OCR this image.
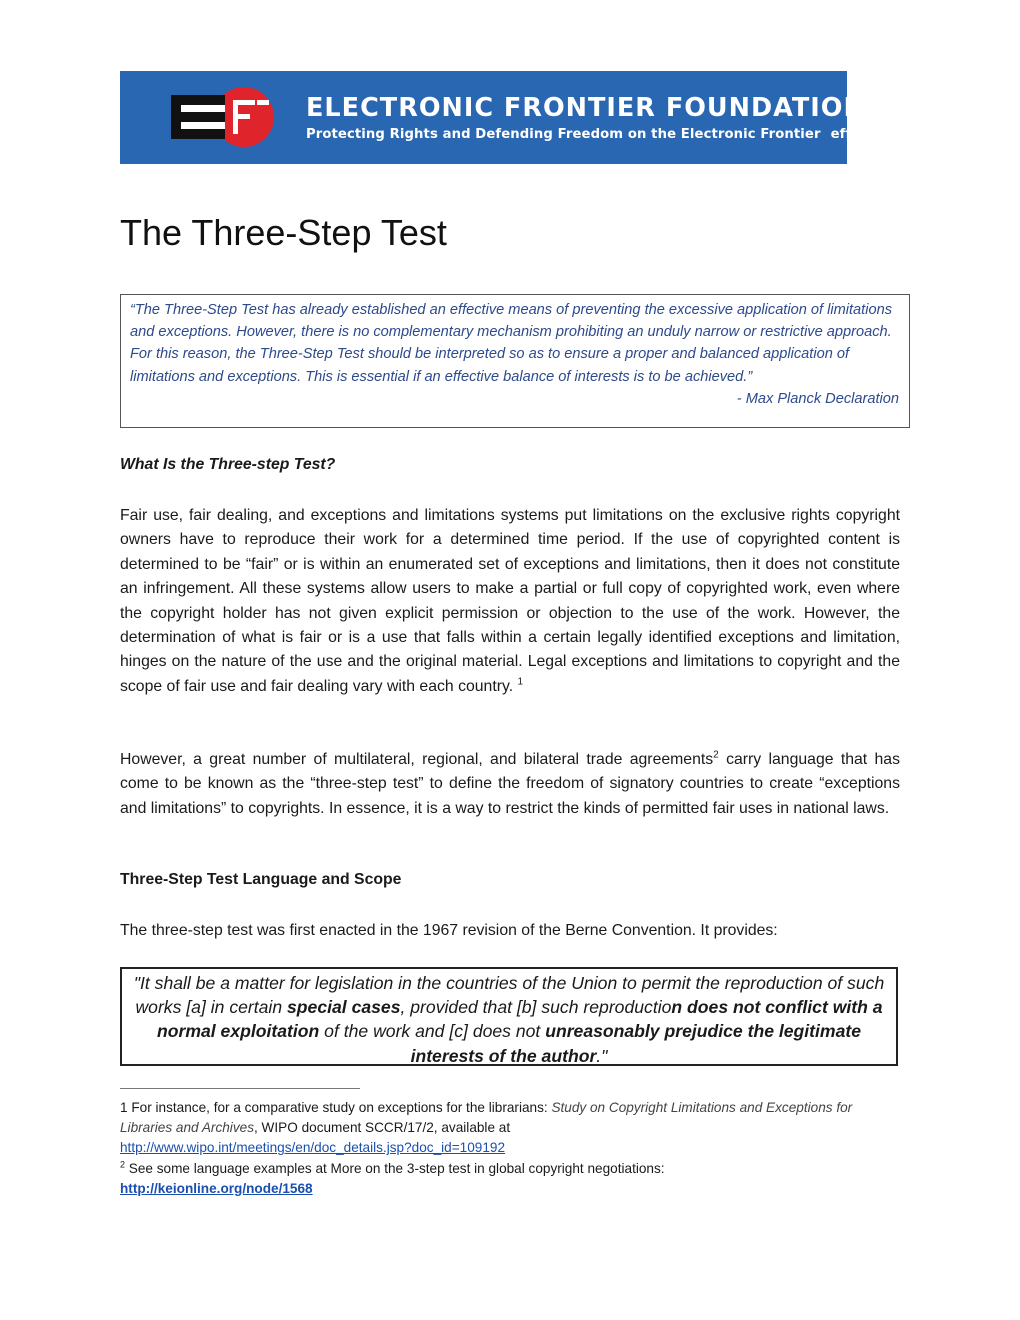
ELECTRONIC FRONTIER FOUNDATION
Protecting Rights and Defending Freedom on the Electronic Frontier eff.org
The Three-Step Test

“The Three-Step Test has already established an effective means of preventing the excessive application of limitations and exceptions. However, there is no complementary mechanism prohibiting an unduly narrow or restrictive approach. For this reason, the Three-Step Test should be interpreted so as to ensure a proper and balanced application of limitations and exceptions. This is essential if an effective balance of interests is to be achieved.”

- Max Planck Declaration

What Is the Three-step Test?

Fair use, fair dealing, and exceptions and limitations systems put limitations on the exclusive rights copyright owners have to reproduce their work for a determined time period. If the use of copyrighted content is determined to be “fair” or is within an enumerated set of exceptions and limitations, then it does not constitute an infringement. All these systems allow users to make a partial or full copy of copyrighted work, even where the copyright holder has not given explicit permission or objection to the use of the work. However, the determination of what is fair or is a use that falls within a certain legally identified exceptions and limitation, hinges on the nature of the use and the original material. Legal exceptions and limitations to copyright and the scope of fair use and fair dealing vary with each country. $^1$

However, a great number of multilateral, regional, and bilateral trade agreements$^2$ carry language that has come to be known as the “three-step test” to define the freedom of signatory countries to create “exceptions and limitations” to copyrights. In essence, it is a way to restrict the kinds of permitted fair uses in national laws.

Three-Step Test Language and Scope

The three-step test was first enacted in the 1967 revision of the Berne Convention. It provides:

"It shall be a matter for legislation in the countries of the Union to permit the reproduction of such works [a] in certain special cases, provided that [b] such reproduction does not conflict with a normal exploitation of the work and [c] does not unreasonably prejudice the legitimate interests of the author."

1 For instance, for a comparative study on exceptions for the librarians: Study on Copyright Limitations and Exceptions for Libraries and Archives, WIPO document SCCR/17/2, available at
http://www.wipo.int/meetings/en/doc_details.jsp?doc_id=109192

$^2$ See some language examples at More on the 3-step test in global copyright negotiations:
http://keionline.org/node/1568
